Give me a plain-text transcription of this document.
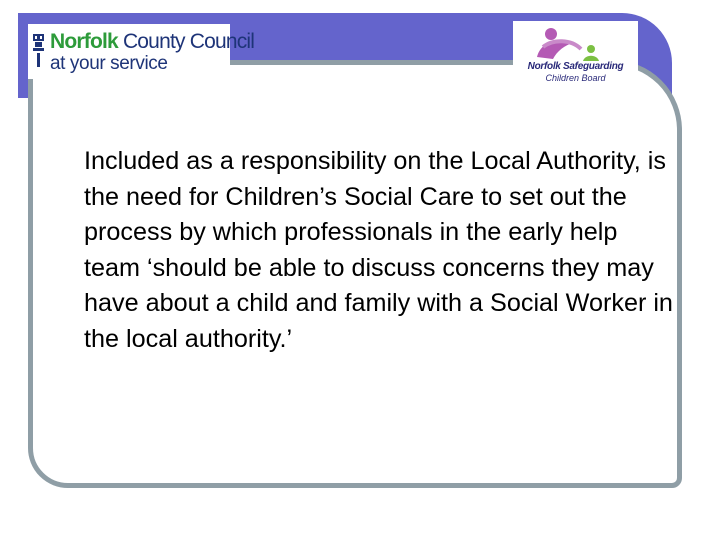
Norfolk County Council
at your service	Norfolk Safeguarding
Children Board

Included as a responsibility on the Local Authority, is the need for Children’s Social Care to set out the process by which professionals in the early help team ‘should be able to discuss concerns they may have about a child and family with a Social Worker in the local authority.’
